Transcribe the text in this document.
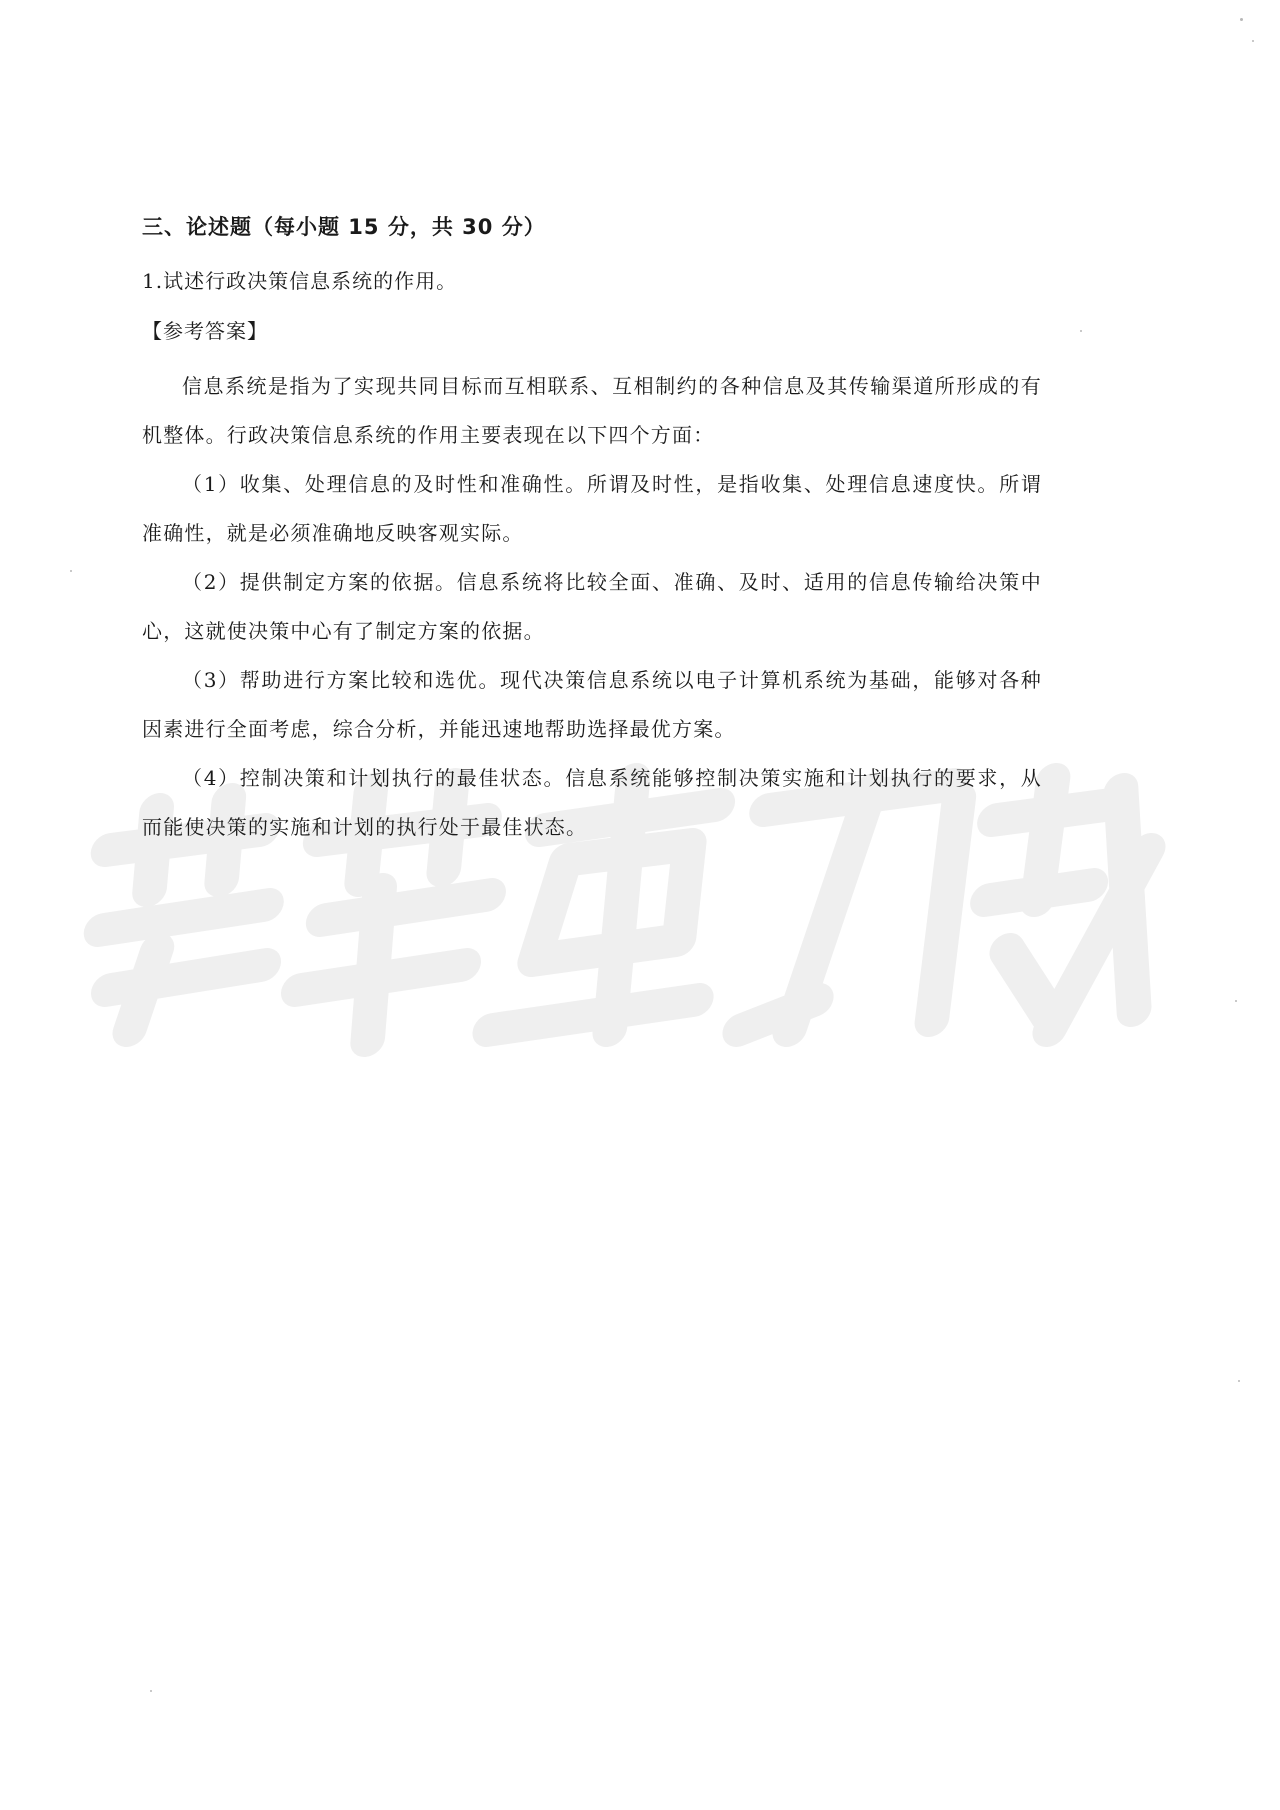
三、论述题（每小题 15 分，共 30 分）
1.试述行政决策信息系统的作用。
【参考答案】

信息系统是指为了实现共同目标而互相联系、互相制约的各种信息及其传输渠道所形成的有机整体。行政决策信息系统的作用主要表现在以下四个方面：

（1）收集、处理信息的及时性和准确性。所谓及时性，是指收集、处理信息速度快。所谓准确性，就是必须准确地反映客观实际。

（2）提供制定方案的依据。信息系统将比较全面、准确、及时、适用的信息传输给决策中心，这就使决策中心有了制定方案的依据。

（3）帮助进行方案比较和选优。现代决策信息系统以电子计算机系统为基础，能够对各种因素进行全面考虑，综合分析，并能迅速地帮助选择最优方案。

（4）控制决策和计划执行的最佳状态。信息系统能够控制决策实施和计划执行的要求，从而能使决策的实施和计划的执行处于最佳状态。
